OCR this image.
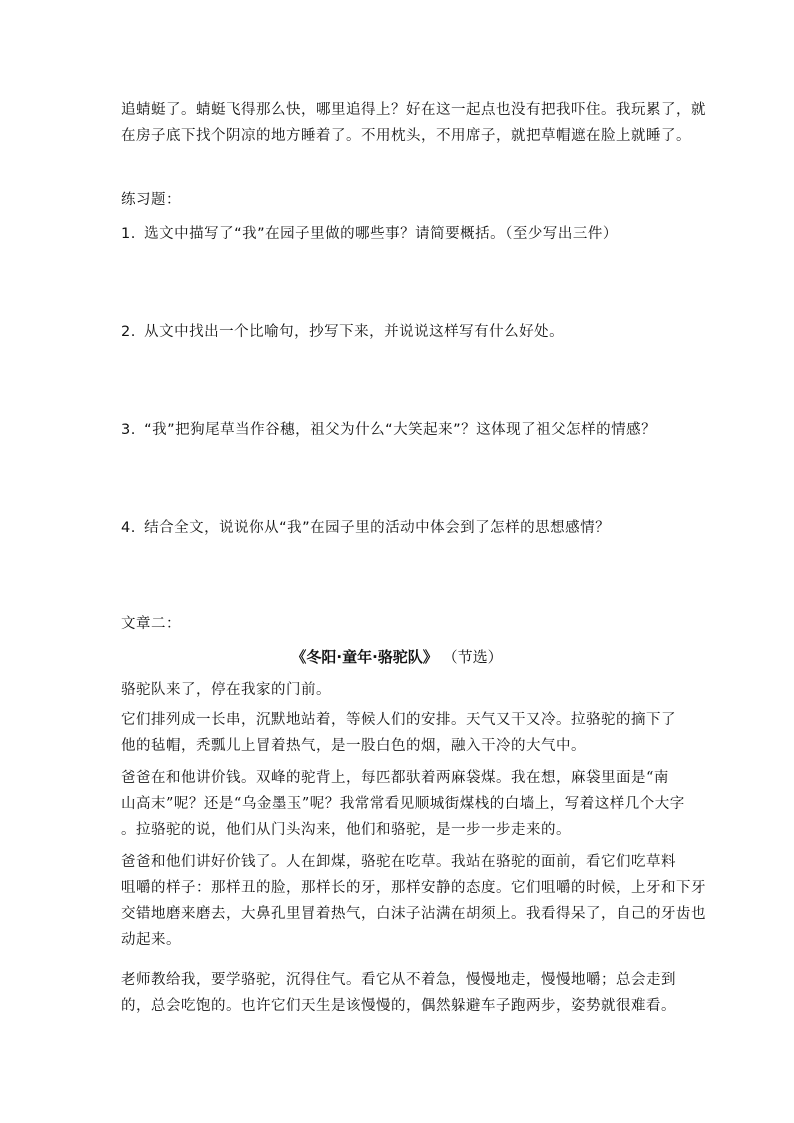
追蜻蜓了。蜻蜓飞得那么快，哪里追得上？好在这一起点也没有把我吓住。我玩累了，就
在房子底下找个阴凉的地方睡着了。不用枕头，不用席子，就把草帽遮在脸上就睡了。
练习题：
1. 选文中描写了“我”在园子里做的哪些事？请简要概括。（至少写出三件）
2. 从文中找出一个比喻句，抄写下来，并说说这样写有什么好处。
3. “我”把狗尾草当作谷穗，祖父为什么“大笑起来”？这体现了祖父怎样的情感？
4. 结合全文，说说你从“我”在园子里的活动中体会到了怎样的思想感情？
文章二：
《冬阳·童年·骆驼队》 （节选）
骆驼队来了，停在我家的门前。
它们排列成一长串，沉默地站着，等候人们的安排。天气又干又冷。拉骆驼的摘下了
他的毡帽，秃瓢儿上冒着热气，是一股白色的烟，融入干冷的大气中。
爸爸在和他讲价钱。双峰的驼背上，每匹都驮着两麻袋煤。我在想，麻袋里面是“南
山高末”呢？还是“乌金墨玉”呢？我常常看见顺城街煤栈的白墙上，写着这样几个大字
。拉骆驼的说，他们从门头沟来，他们和骆驼，是一步一步走来的。
爸爸和他们讲好价钱了。人在卸煤，骆驼在吃草。我站在骆驼的面前，看它们吃草料
咀嚼的样子：那样丑的脸，那样长的牙，那样安静的态度。它们咀嚼的时候，上牙和下牙
交错地磨来磨去，大鼻孔里冒着热气，白沫子沾满在胡须上。我看得呆了，自己的牙齿也
动起来。
老师教给我，要学骆驼，沉得住气。看它从不着急，慢慢地走，慢慢地嚼；总会走到
的，总会吃饱的。也许它们天生是该慢慢的，偶然躲避车子跑两步，姿势就很难看。
